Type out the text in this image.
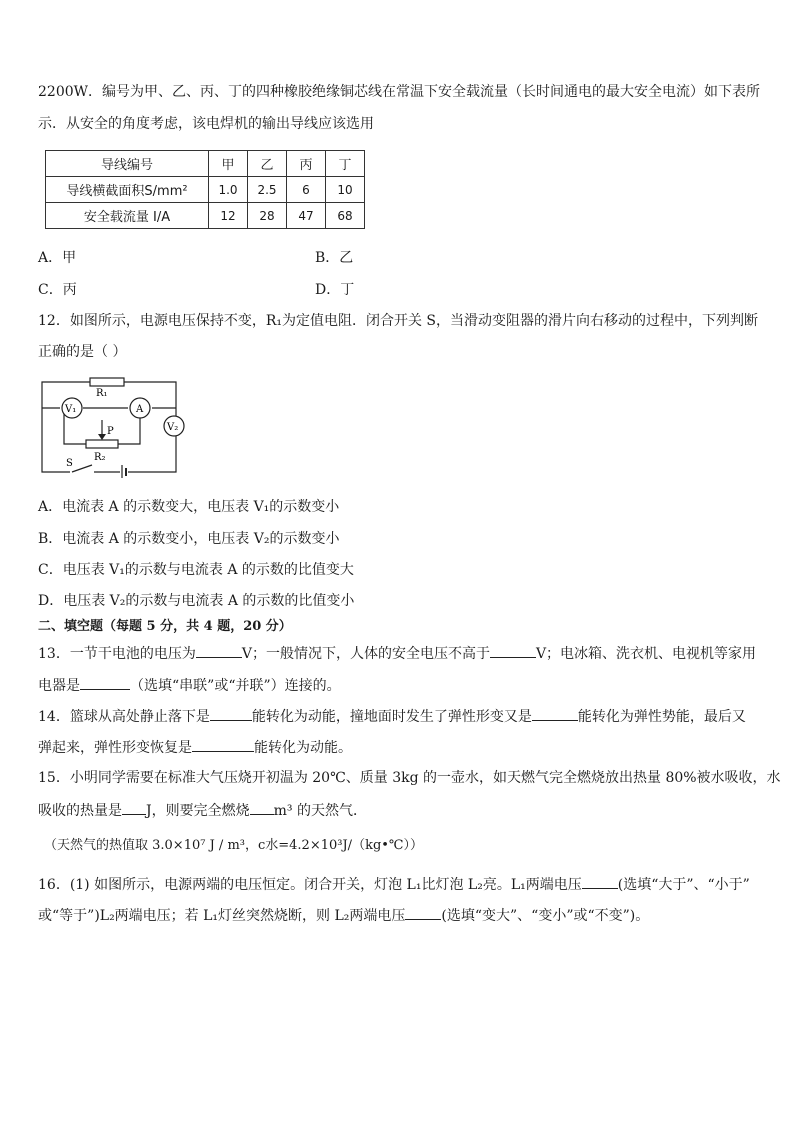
2200W．编号为甲、乙、丙、丁的四种橡胶绝缘铜芯线在常温下安全载流量（长时间通电的最大安全电流）如下表所
示．从安全的角度考虑，该电焊机的输出导线应该选用
导线编号	甲	乙	丙	丁
导线横截面积S/mm²	1.0	2.5	6	10
安全载流量 I/A	12	28	47	68
A．甲	B．乙
C．丙	D．丁
12．如图所示，电源电压保持不变，R₁为定值电阻．闭合开关 S，当滑动变阻器的滑片向右移动的过程中，下列判断
正确的是（ ）
R₁
V₁	A
V₂
P
R₂
S
A．电流表 A 的示数变大，电压表 V₁的示数变小
B．电流表 A 的示数变小，电压表 V₂的示数变小
C．电压表 V₁的示数与电流表 A 的示数的比值变大
D．电压表 V₂的示数与电流表 A 的示数的比值变小
二、填空题（每题 5 分，共 4 题，20 分）
13．一节干电池的电压为	V；一般情况下，人体的安全电压不高于	V；电冰箱、洗衣机、电视机等家用
电器是	（选填“串联”或“并联”）连接的。
14．篮球从高处静止落下是	能转化为动能，撞地面时发生了弹性形变又是	能转化为弹性势能，最后又
弹起来，弹性形变恢复是	能转化为动能。
15．小明同学需要在标准大气压烧开初温为 20℃、质量 3kg 的一壶水，如天燃气完全燃烧放出热量 80%被水吸收，水
吸收的热量是 J，则要完全燃烧 m³ 的天然气．
（天然气的热值取 3.0×10⁷ J / m³，c水=4.2×10³J/（kg•℃））
16．(1) 如图所示，电源两端的电压恒定。闭合开关，灯泡 L₁比灯泡 L₂亮。L₁两端电压	(选填“大于”、“小于”
或“等于”)L₂两端电压；若 L₁灯丝突然烧断，则 L₂两端电压	(选填“变大”、“变小”或“不变”)。
